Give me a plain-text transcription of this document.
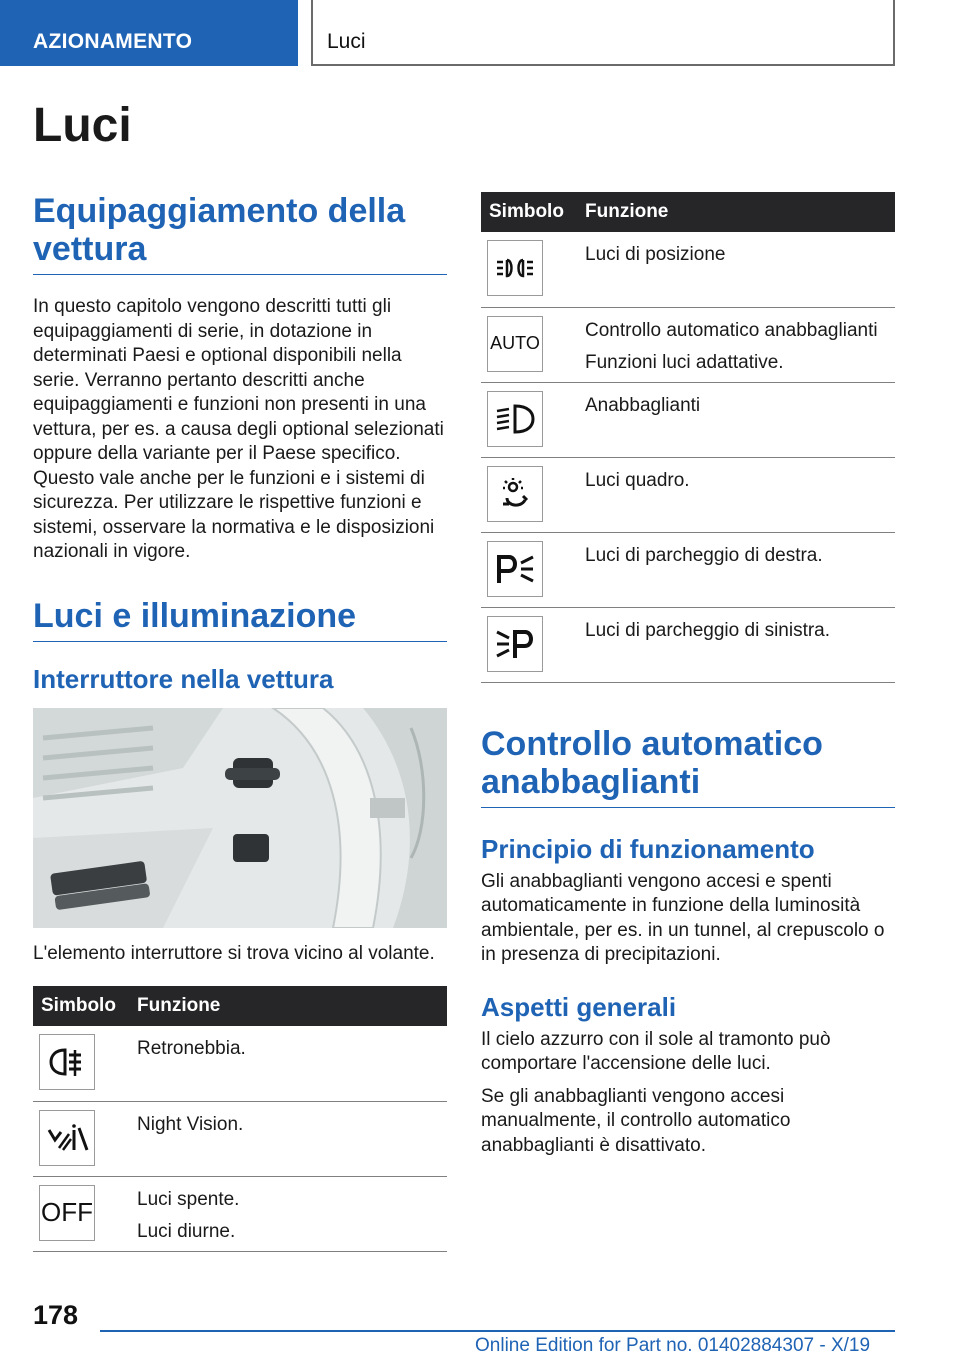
AZIONAMENTO	Luci
Luci
Equipaggiamento della vettura

In questo capitolo vengono descritti tutti gli equipaggiamenti di serie, in dotazione in determinati Paesi e optional disponibili nella serie. Verranno pertanto descritti anche equipaggiamenti e funzioni non presenti in una vettura, per es. a causa degli optional selezionati oppure della variante per il Paese specifico. Questo vale anche per le funzioni e i sistemi di sicurezza. Per utilizzare le rispettive funzioni e sistemi, osservare la normativa e le disposizioni nazionali in vigore.

Luci e illuminazione
Interruttore nella vettura

L'elemento interruttore si trova vicino al volante.

Simbolo	Funzione

Retronebbia.

Night Vision.

OFF	Luci spente.
Luci diurne.
Simbolo	Funzione

Luci di posizione

AUTO	Controllo automatico anabbaglianti
Funzioni luci adattative.

Anabbaglianti

Luci quadro.

Luci di parcheggio di destra.

Luci di parcheggio di sinistra.
Controllo automatico anabbaglianti
Principio di funzionamento

Gli anabbaglianti vengono accesi e spenti automaticamente in funzione della luminosità ambientale, per es. in un tunnel, al crepuscolo o in presenza di precipitazioni.

Aspetti generali

Il cielo azzurro con il sole al tramonto può comportare l'accensione delle luci.

Se gli anabbaglianti vengono accesi manualmente, il controllo automatico anabbaglianti è disattivato.

178
Online Edition for Part no. 01402884307 - X/19
